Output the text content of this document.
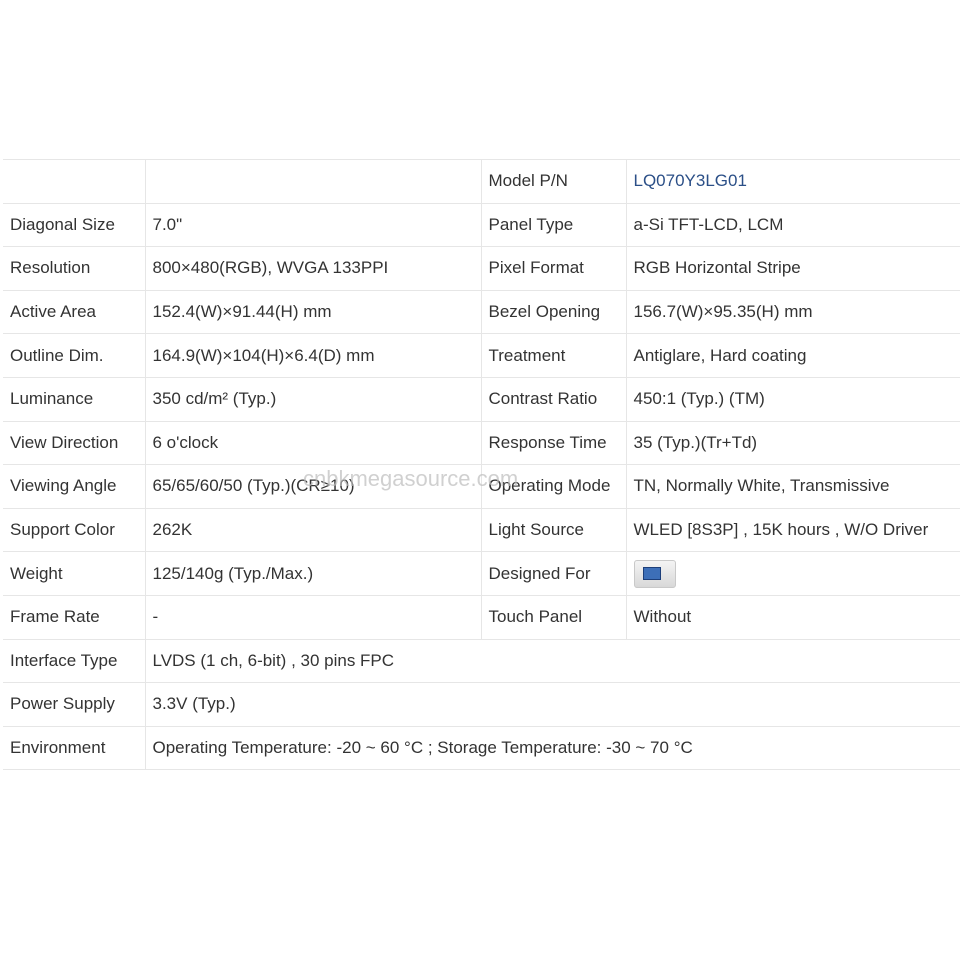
		Model P/N	LQ070Y3LG01
Diagonal Size	7.0"	Panel Type	a-Si TFT-LCD, LCM
Resolution	800×480(RGB), WVGA 133PPI	Pixel Format	RGB Horizontal Stripe
Active Area	152.4(W)×91.44(H) mm	Bezel Opening	156.7(W)×95.35(H) mm
Outline Dim.	164.9(W)×104(H)×6.4(D) mm	Treatment	Antiglare, Hard coating
Luminance	350 cd/m² (Typ.)	Contrast Ratio	450:1 (Typ.) (TM)
View Direction	6 o'clock	Response Time	35 (Typ.)(Tr+Td)
Viewing Angle	65/65/60/50 (Typ.)(CR≥10)	Operating Mode	TN, Normally White, Transmissive
Support Color	262K	Light Source	WLED [8S3P] , 15K hours , W/O Driver
Weight	125/140g (Typ./Max.)	Designed For	
Frame Rate	-	Touch Panel	Without
Interface Type	LVDS (1 ch, 6-bit) , 30 pins FPC		
Power Supply	3.3V (Typ.)		
Environment	Operating Temperature: -20 ~ 60 °C ; Storage Temperature: -30 ~ 70 °C		
cnbkmegasource.com
